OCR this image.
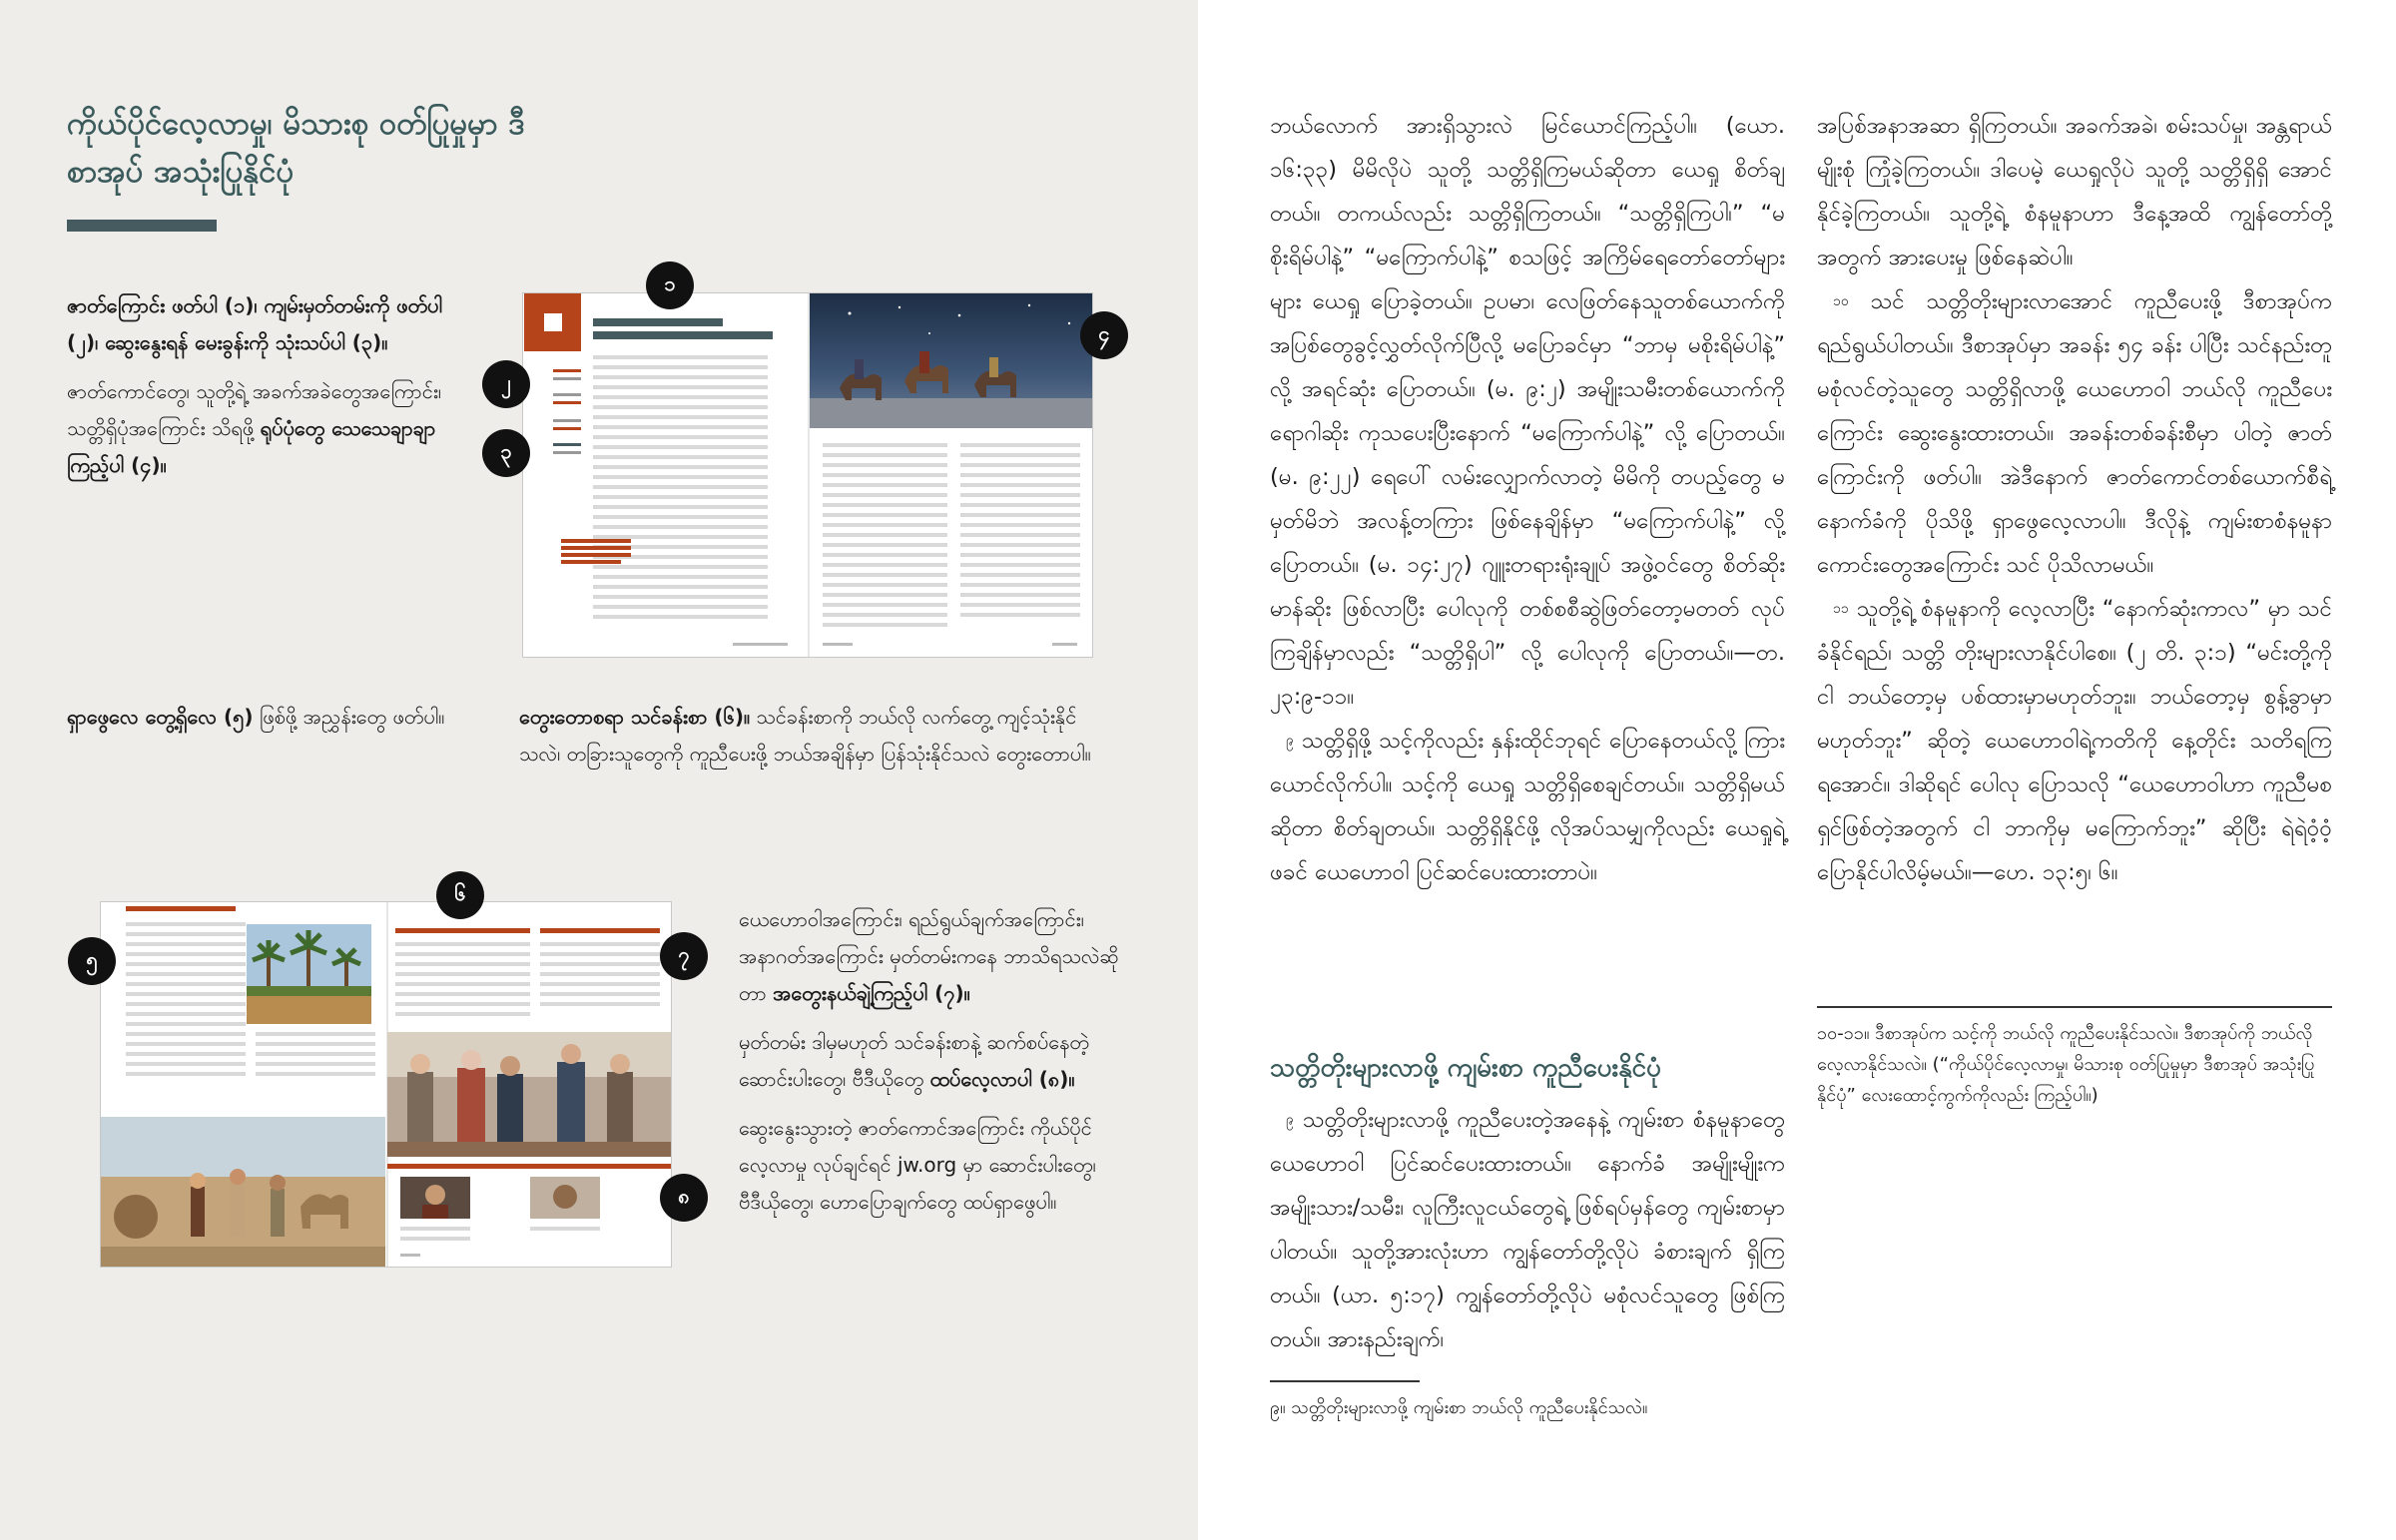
ကိုယ်ပိုင်လေ့လာမှု၊ မိသားစု ဝတ်ပြုမှုမှာ ဒီစာအုပ် အသုံးပြုနိုင်ပုံ

ဇာတ်ကြောင်း ဖတ်ပါ (၁)၊ ကျမ်းမှတ်တမ်းကို ဖတ်ပါ (၂)၊ ဆွေးနွေးရန် မေးခွန်းကို သုံးသပ်ပါ (၃)။

ဇာတ်ကောင်တွေ၊ သူတို့ရဲ့ အခက်အခဲတွေအကြောင်း၊ သတ္တိရှိပုံအကြောင်း သိရဖို့ ရုပ်ပုံတွေ သေသေချာချာ ကြည့်ပါ (၄)။

၁
၂
၃
၄

ရှာဖွေလေ တွေ့ရှိလေ (၅) ဖြစ်ဖို့ အညွှန်းတွေ ဖတ်ပါ။	တွေးတောစရာ သင်ခန်းစာ (၆)။ သင်ခန်းစာကို ဘယ်လို လက်တွေ့ ကျင့်သုံးနိုင်သလဲ၊ တခြားသူတွေကို ကူညီပေးဖို့ ဘယ်အချိန်မှာ ပြန်သုံးနိုင်သလဲ တွေးတောပါ။

၆
၅	၇
၈

ယေဟောဝါအကြောင်း၊ ရည်ရွယ်ချက်အကြောင်း၊ အနာဂတ်အကြောင်း မှတ်တမ်းကနေ ဘာသိရသလဲဆိုတာ အတွေးနယ်ချဲ့ကြည့်ပါ (၇)။

မှတ်တမ်း ဒါမှမဟုတ် သင်ခန်းစာနဲ့ ဆက်စပ်နေတဲ့ ဆောင်းပါးတွေ၊ ဗီဒီယိုတွေ ထပ်လေ့လာပါ (၈)။

ဆွေးနွေးသွားတဲ့ ဇာတ်ကောင်အကြောင်း ကိုယ်ပိုင်လေ့လာမှု လုပ်ချင်ရင် jw.org မှာ ဆောင်းပါးတွေ၊ ဗီဒီယိုတွေ၊ ဟောပြောချက်တွေ ထပ်ရှာဖွေပါ။

ဘယ်လောက် အားရှိသွားလဲ မြင်ယောင်ကြည့်ပါ။ (ယော. ၁၆:၃၃) မိမိလိုပဲ သူတို့ သတ္တိရှိကြမယ်ဆိုတာ ယေရှု စိတ်ချတယ်။ တကယ်လည်း သတ္တိရှိကြတယ်။ “သတ္တိရှိကြပါ၊” “မစိုးရိမ်ပါနဲ့” “မကြောက်ပါနဲ့” စသဖြင့် အကြိမ်ရေတော်တော်များများ ယေရှု ပြောခဲ့တယ်။ ဥပမာ၊ လေဖြတ်နေသူတစ်ယောက်ကို အပြစ်တွေခွင့်လွှတ်လိုက်ပြီလို့ မပြောခင်မှာ “ဘာမှ မစိုးရိမ်ပါနဲ့” လို့ အရင်ဆုံး ပြောတယ်။ (မ. ၉:၂) အမျိုးသမီးတစ်ယောက်ကို ရောဂါဆိုး ကုသပေးပြီးနောက် “မကြောက်ပါနဲ့” လို့ ပြောတယ်။ (မ. ၉:၂၂) ရေပေါ် လမ်းလျှောက်လာတဲ့ မိမိကို တပည့်တွေ မမှတ်မိဘဲ အလန့်တကြား ဖြစ်နေချိန်မှာ “မကြောက်ပါနဲ့” လို့ ပြောတယ်။ (မ. ၁၄:၂၇) ဂျူးတရားရုံးချုပ် အဖွဲ့ဝင်တွေ စိတ်ဆိုးမာန်ဆိုး ဖြစ်လာပြီး ပေါလုကို တစ်စစီဆွဲဖြတ်တော့မတတ် လုပ်ကြချိန်မှာလည်း “သတ္တိရှိပါ” လို့ ပေါလုကို ပြောတယ်။—တ. ၂၃:၉-၁၁။

$^၉$ သတ္တိရှိဖို့ သင့်ကိုလည်း နှန်းထိုင်ဘုရင် ပြောနေတယ်လို့ ကြားယောင်လိုက်ပါ။ သင့်ကို ယေရှု သတ္တိရှိစေချင်တယ်။ သတ္တိရှိမယ်ဆိုတာ စိတ်ချတယ်။ သတ္တိရှိနိုင်ဖို့ လိုအပ်သမျှကိုလည်း ယေရှုရဲ့ ဖခင် ယေဟောဝါ ပြင်ဆင်ပေးထားတာပဲ။

သတ္တိတိုးများလာဖို့ ကျမ်းစာ ကူညီပေးနိုင်ပုံ

$^၉$ သတ္တိတိုးများလာဖို့ ကူညီပေးတဲ့အနေနဲ့ ကျမ်းစာ စံနမူနာတွေ ယေဟောဝါ ပြင်ဆင်ပေးထားတယ်။ နောက်ခံ အမျိုးမျိုးက အမျိုးသား/သမီး၊ လူကြီးလူငယ်တွေရဲ့ ဖြစ်ရပ်မှန်တွေ ကျမ်းစာမှာ ပါတယ်။ သူတို့အားလုံးဟာ ကျွန်တော်တို့လိုပဲ ခံစားချက် ရှိကြတယ်။ (ယာ. ၅:၁၇) ကျွန်တော်တို့လိုပဲ မစုံလင်သူတွေ ဖြစ်ကြတယ်။ အားနည်းချက်၊

၉။ သတ္တိတိုးများလာဖို့ ကျမ်းစာ ဘယ်လို ကူညီပေးနိုင်သလဲ။

အပြစ်အနာအဆာ ရှိကြတယ်။ အခက်အခဲ၊ စမ်းသပ်မှု၊ အန္တရာယ်မျိုးစုံ ကြုံခဲ့ကြတယ်။ ဒါပေမဲ့ ယေရှုလိုပဲ သူတို့ သတ္တိရှိရှိ အောင်နိုင်ခဲ့ကြတယ်။ သူတို့ရဲ့ စံနမူနာဟာ ဒီနေ့အထိ ကျွန်တော်တို့အတွက် အားပေးမှု ဖြစ်နေဆဲပါ။

$^{၁၀}$ သင် သတ္တိတိုးများလာအောင် ကူညီပေးဖို့ ဒီစာအုပ်က ရည်ရွယ်ပါတယ်။ ဒီစာအုပ်မှာ အခန်း ၅၄ ခန်း ပါပြီး သင်နည်းတူ မစုံလင်တဲ့သူတွေ သတ္တိရှိလာဖို့ ယေဟောဝါ ဘယ်လို ကူညီပေးကြောင်း ဆွေးနွေးထားတယ်။ အခန်းတစ်ခန်းစီမှာ ပါတဲ့ ဇာတ်ကြောင်းကို ဖတ်ပါ။ အဲဒီနောက် ဇာတ်ကောင်တစ်ယောက်စီရဲ့ နောက်ခံကို ပိုသိဖို့ ရှာဖွေလေ့လာပါ။ ဒီလိုနဲ့ ကျမ်းစာစံနမူနာကောင်းတွေအကြောင်း သင် ပိုသိလာမယ်။

$^{၁၁}$ သူတို့ရဲ့ စံနမူနာကို လေ့လာပြီး “နောက်ဆုံးကာလ” မှာ သင် ခံနိုင်ရည်၊ သတ္တိ တိုးများလာနိုင်ပါစေ။ (၂ တိ. ၃:၁) “မင်းတို့ကို ငါ ဘယ်တော့မှ ပစ်ထားမှာမဟုတ်ဘူး။ ဘယ်တော့မှ စွန့်ခွာမှာ မဟုတ်ဘူး” ဆိုတဲ့ ယေဟောဝါရဲ့ကတိကို နေ့တိုင်း သတိရကြရအောင်။ ဒါဆိုရင် ပေါလု ပြောသလို “ယေဟောဝါဟာ ကူညီမစရှင်ဖြစ်တဲ့အတွက် ငါ ဘာကိုမှ မကြောက်ဘူး” ဆိုပြီး ရဲရဲဝံ့ဝံ့ ပြောနိုင်ပါလိမ့်မယ်။—ဟေ. ၁၃:၅၊ ၆။

၁၀-၁၁။ ဒီစာအုပ်က သင့်ကို ဘယ်လို ကူညီပေးနိုင်သလဲ။ ဒီစာအုပ်ကို ဘယ်လို လေ့လာနိုင်သလဲ။ (“ကိုယ်ပိုင်လေ့လာမှု၊ မိသားစု ဝတ်ပြုမှုမှာ ဒီစာအုပ် အသုံးပြုနိုင်ပုံ” လေးထောင့်ကွက်ကိုလည်း ကြည့်ပါ။)
